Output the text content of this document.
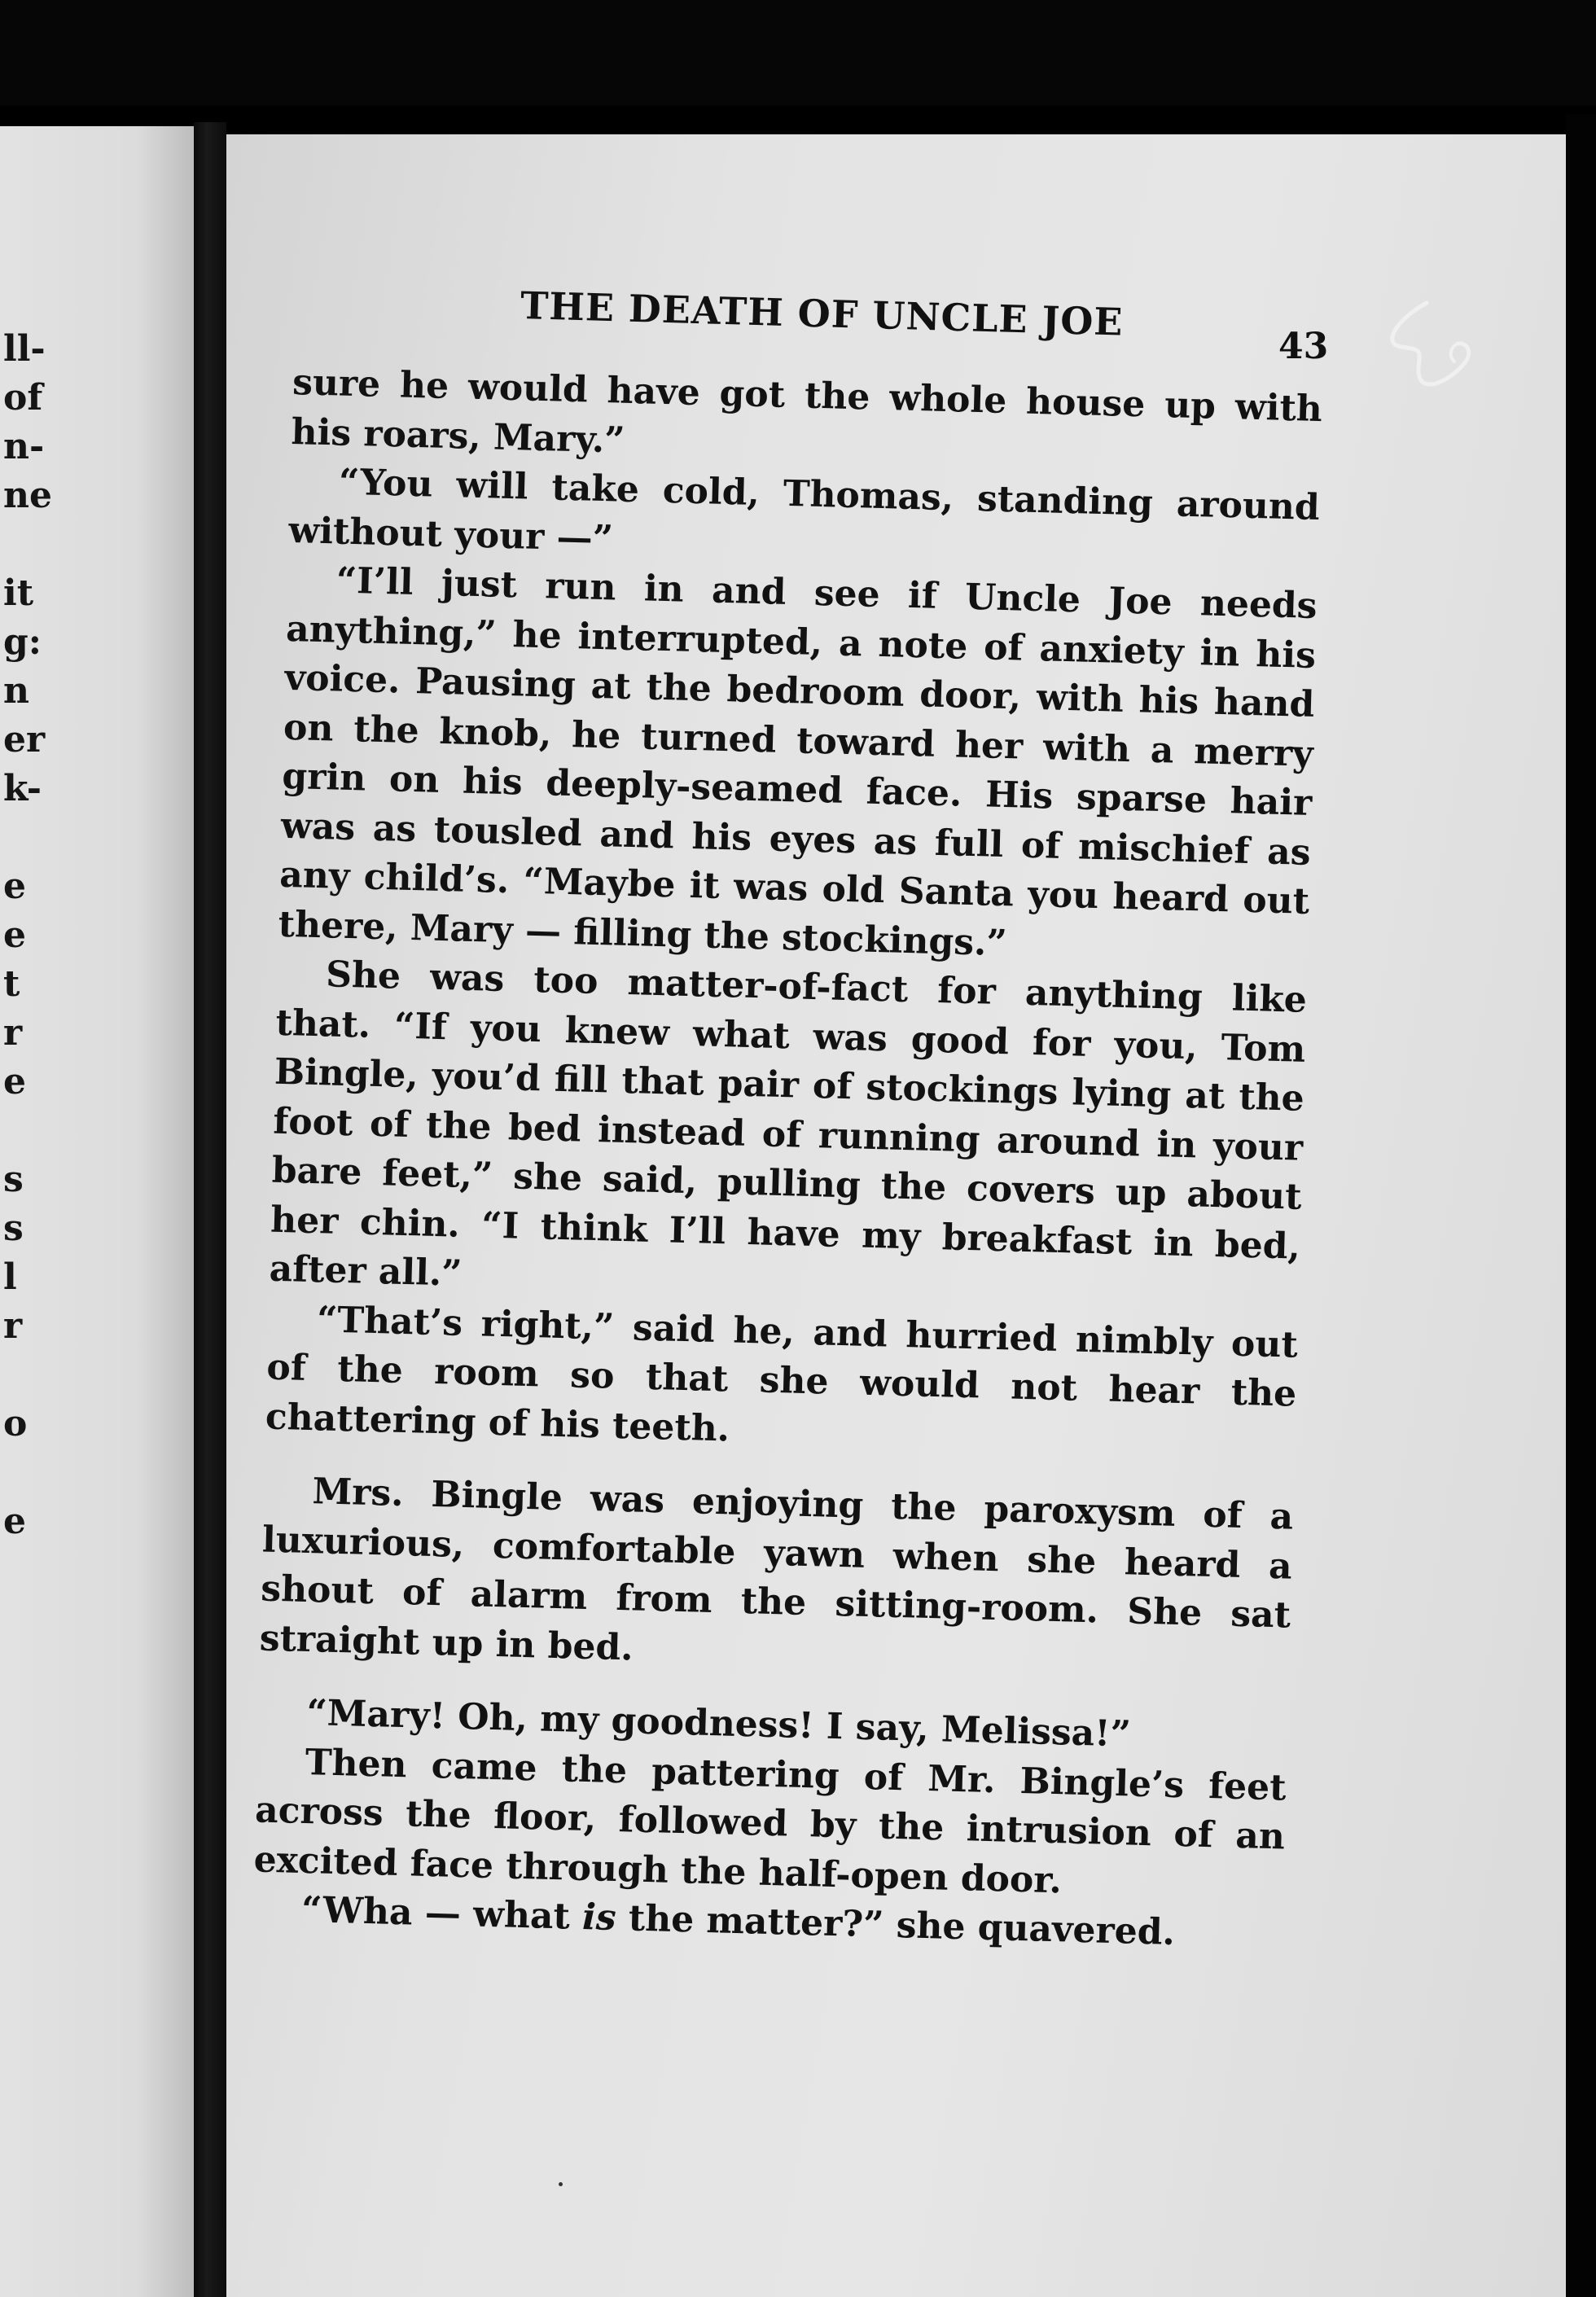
ll-
of
n-
ne
it
g:
n
er
k-
e
e
t
r
e
s
s
l
r
o
e
THE DEATH OF UNCLE JOE
43

sure he would have got the whole house up with his roars, Mary.”

“You will take cold, Thomas, standing around without your —”

“I’ll just run in and see if Uncle Joe needs anything,” he interrupted, a note of anxiety in his voice. Pausing at the bedroom door, with his hand on the knob, he turned toward her with a merry grin on his deeply-seamed face. His sparse hair was as tousled and his eyes as full of mischief as any child’s. “Maybe it was old Santa you heard out there, Mary — filling the stockings.”

She was too matter-of-fact for anything like that. “If you knew what was good for you, Tom Bingle, you’d fill that pair of stockings lying at the foot of the bed instead of running around in your bare feet,” she said, pulling the covers up about her chin. “I think I’ll have my breakfast in bed, after all.”

“That’s right,” said he, and hurried nimbly out of the room so that she would not hear the chattering of his teeth.

Mrs. Bingle was enjoying the paroxysm of a luxurious, comfortable yawn when she heard a shout of alarm from the sitting-room. She sat straight up in bed.

“Mary! Oh, my goodness! I say, Melissa!”

Then came the pattering of Mr. Bingle’s feet across the floor, followed by the intrusion of an excited face through the half-open door.

“Wha — what is the matter?” she quavered.
